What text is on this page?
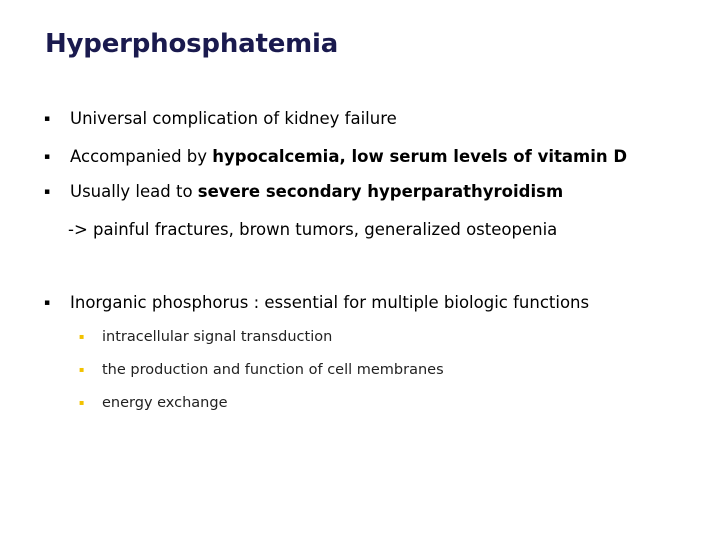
Hyperphosphatemia
▪ Universal complication of kidney failure
▪ Accompanied by hypocalcemia, low serum levels of vitamin D
▪ Usually lead to severe secondary hyperparathyroidism
-> painful fractures, brown tumors, generalized osteopenia
▪ Inorganic phosphorus : essential for multiple biologic functions
▪ intracellular signal transduction
▪ the production and function of cell membranes
▪ energy exchange
